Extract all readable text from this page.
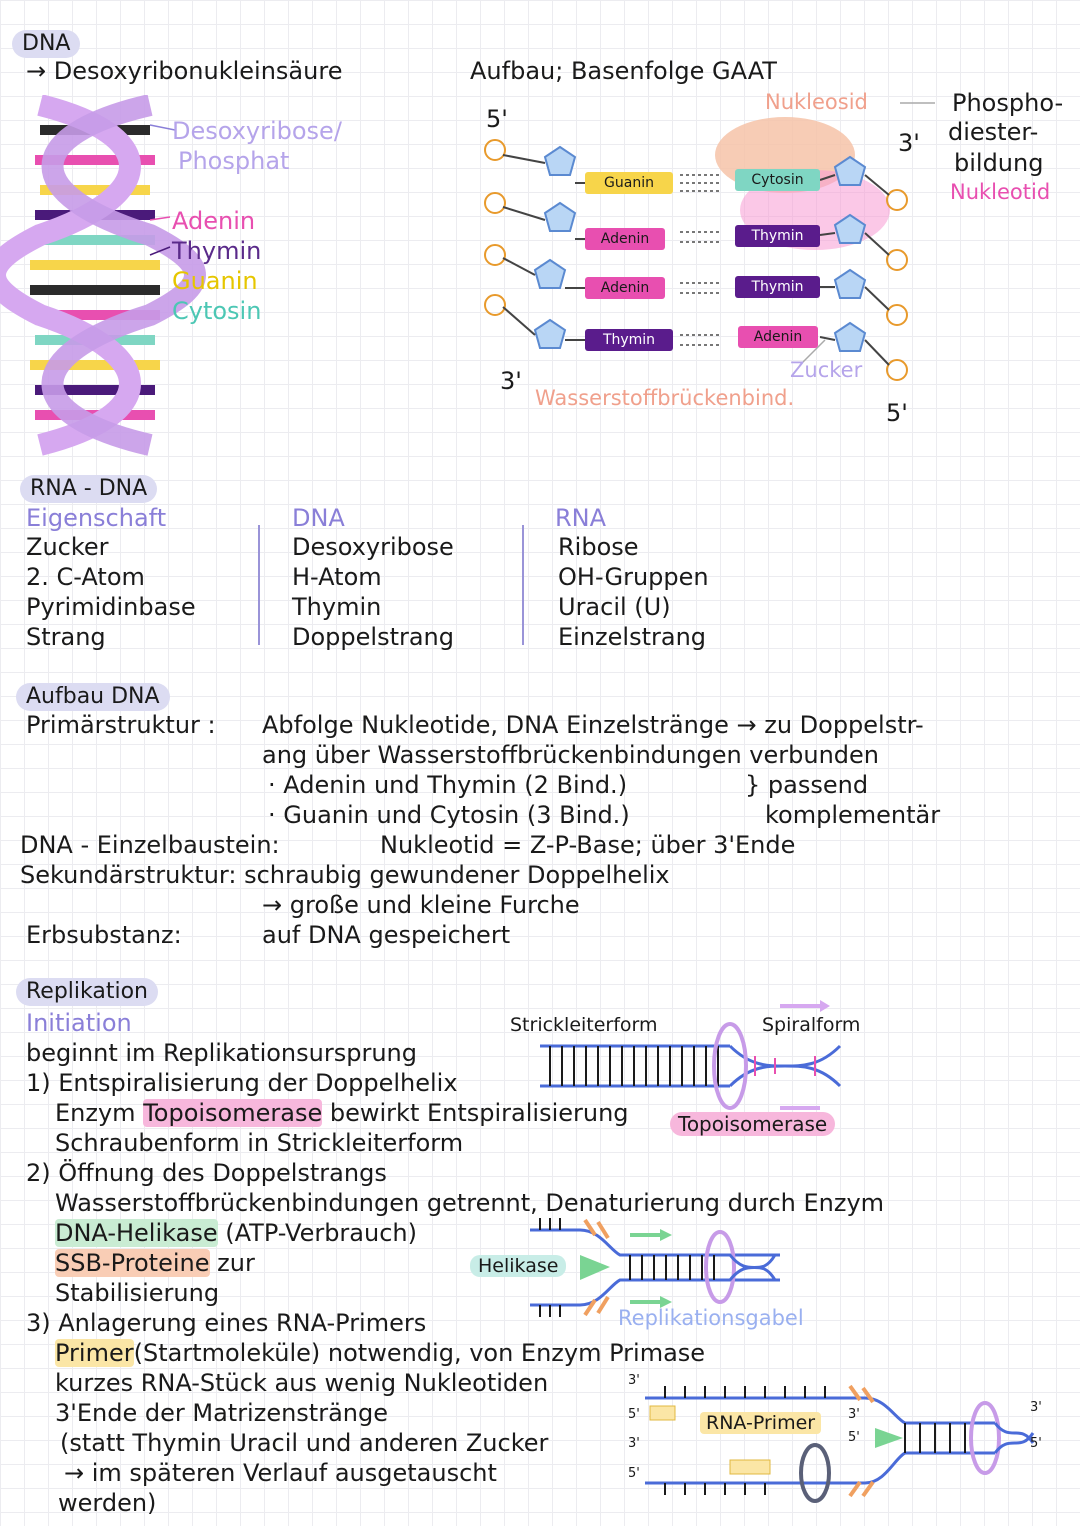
DNA
→ Desoxyribonukleinsäure	Aufbau; Basenfolge GAAT
Desoxyribose/
Phosphat
Adenin
Thymin
Guanin
Cytosin
Guanin
Adenin
Adenin
Thymin
Cytosin
Thymin
Thymin
Adenin
5'
3'
3'
5'
Nukleosid	Phospho-
diester-
bildung
Nukleotid
Zucker
Wasserstoffbrückenbind.
RNA - DNA
Eigenschaft	DNA	RNA
Zucker	Desoxyribose	Ribose
2. C-Atom	H-Atom	OH-Gruppen
Pyrimidinbase	Thymin	Uracil (U)
Strang	Doppelstrang	Einzelstrang
Aufbau DNA
Primärstruktur : Abfolge Nukleotide, DNA Einzelstränge → zu Doppelstr-
ang über Wasserstoffbrückenbindungen verbunden
· Adenin und Thymin (2 Bind.)
· Guanin und Cytosin (3 Bind.)
} passend
komplementär
DNA - Einzelbaustein:	Nukleotid = Z-P-Base; über 3'Ende
Sekundärstruktur: schraubig gewundener Doppelhelix
→ große und kleine Furche
Erbsubstanz:	auf DNA gespeichert
Replikation
Initiation
beginnt im Replikationsursprung
1) Entspiralisierung der Doppelhelix
Enzym Topoisomerase bewirkt Entspiralisierung
Schraubenform in Strickleiterform
2) Öffnung des Doppelstrangs
Wasserstoffbrückenbindungen getrennt, Denaturierung durch Enzym
DNA-Helikase (ATP-Verbrauch)
SSB-Proteine zur
Stabilisierung
3) Anlagerung eines RNA-Primers
Primer(Startmoleküle) notwendig, von Enzym Primase
kurzes RNA-Stück aus wenig Nukleotiden
3'Ende der Matrizenstränge
(statt Thymin Uracil und anderen Zucker
→ im späteren Verlauf ausgetauscht
werden)
Strickleiterform	Spiralform
Topoisomerase
Helikase
Replikationsgabel
RNA-Primer
3'
5'
3'
5'
3'
5'
3'
5'
